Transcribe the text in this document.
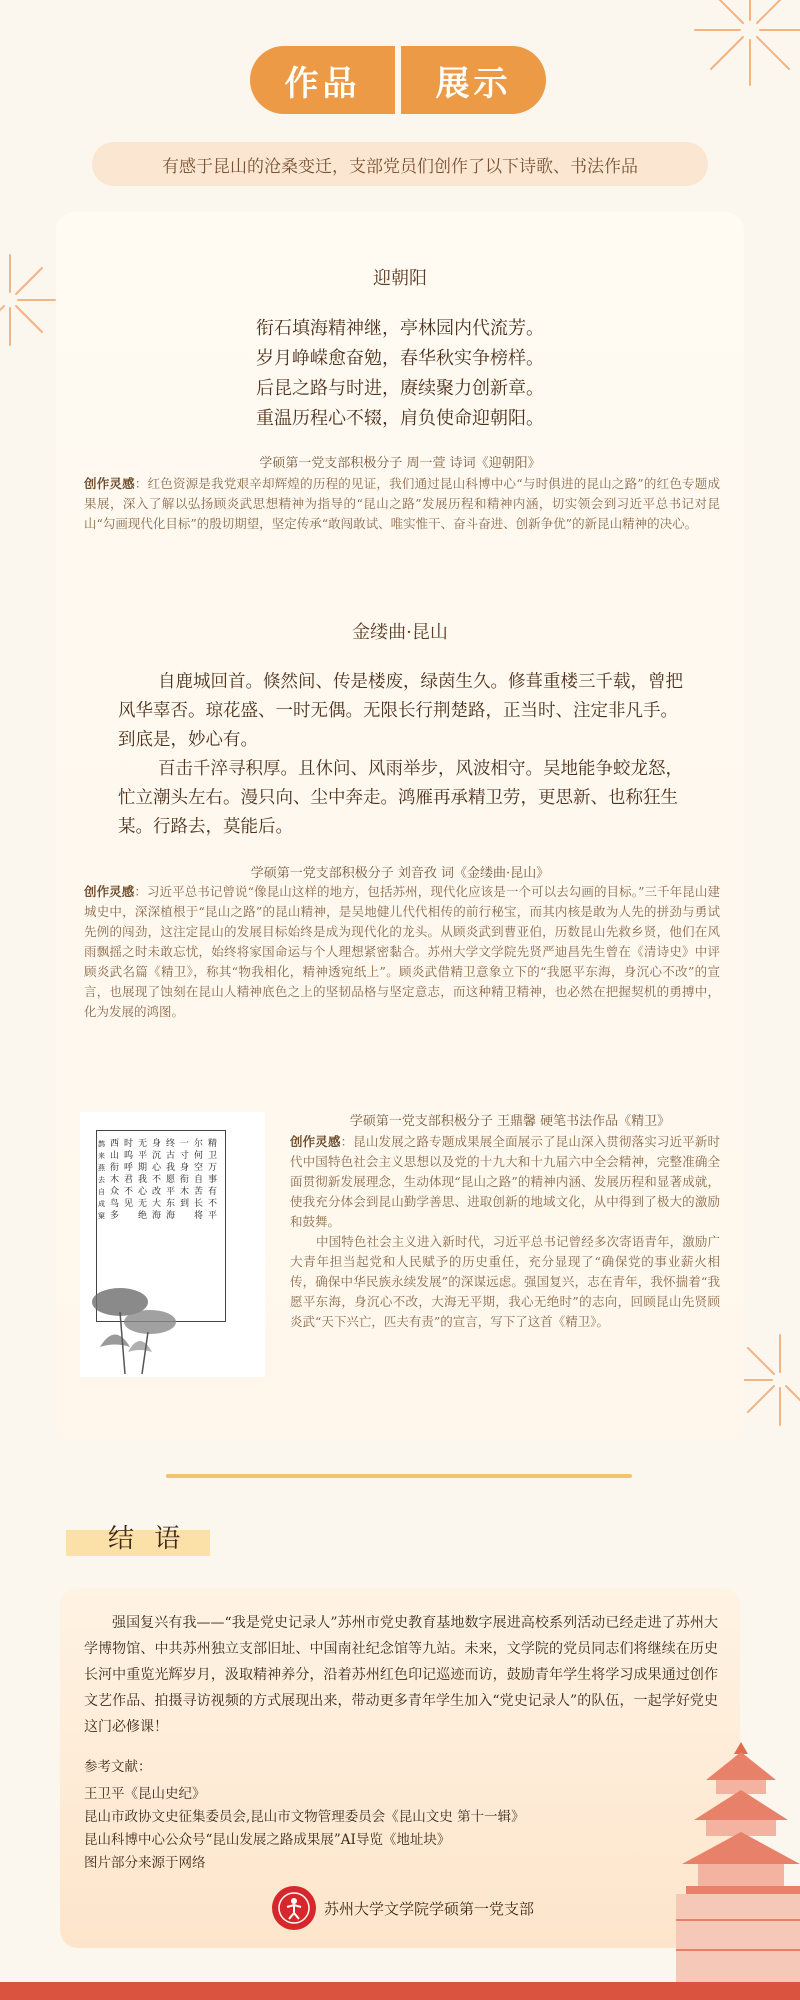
作品	展示
有感于昆山的沧桑变迁，支部党员们创作了以下诗歌、书法作品
迎朝阳
衔石填海精神继，亭林园内代流芳。
岁月峥嵘愈奋勉，春华秋实争榜样。
后昆之路与时进，赓续聚力创新章。
重温历程心不辍，肩负使命迎朝阳。
学硕第一党支部积极分子 周一萱 诗词《迎朝阳》
创作灵感：红色资源是我党艰辛却辉煌的历程的见证，我们通过昆山科博中心“与时俱进的昆山之路”的红色专题成果展，深入了解以弘扬顾炎武思想精神为指导的“昆山之路”发展历程和精神内涵，切实领会到习近平总书记对昆山“勾画现代化目标”的殷切期望，坚定传承“敢闯敢试、唯实惟干、奋斗奋进、创新争优”的新昆山精神的决心。
金缕曲·昆山

自鹿城回首。倏然间、传是楼废，绿茵生久。修葺重楼三千载，曾把风华辜否。琼花盛、一时无偶。无限长行荆楚路，正当时、注定非凡手。到底是，妙心有。

百击千淬寻积厚。且休问、风雨举步，风波相守。吴地能争蛟龙怒，忙立潮头左右。漫只向、尘中奔走。鸿雁再承精卫劳，更思新、也称狂生某。行路去，莫能后。

学硕第一党支部积极分子 刘音孜 词《金缕曲·昆山》
创作灵感：习近平总书记曾说“像昆山这样的地方，包括苏州，现代化应该是一个可以去勾画的目标。”三千年昆山建城史中，深深植根于“昆山之路”的昆山精神，是吴地健儿代代相传的前行秘宝，而其内核是敢为人先的拼劲与勇试先例的闯劲，这注定昆山的发展目标始终是成为现代化的龙头。从顾炎武到曹亚伯，历数昆山先救乡贤，他们在风雨飘摇之时未敢忘忧，始终将家国命运与个人理想紧密黏合。苏州大学文学院先贤严迪昌先生曾在《清诗史》中评顾炎武名篇《精卫》，称其“物我相化，精神透宛纸上”。顾炎武借精卫意象立下的“我愿平东海，身沉心不改”的宣言，也展现了蚀刻在昆山人精神底色之上的坚韧品格与坚定意志，而这种精卫精神，也必然在把握契机的勇搏中，化为发展的鸿图。
精卫 万事有不平
尔何空自苦 长将
一寸身 衔木到
终古 我愿平东海
身沉心不改 大海
无平期 我心无绝
时 呜呼 君不见
西山衔木众鸟多
鹊来燕去自成窠
学硕第一党支部积极分子 王鼎馨 硬笔书法作品《精卫》

创作灵感：昆山发展之路专题成果展全面展示了昆山深入贯彻落实习近平新时代中国特色社会主义思想以及党的十九大和十九届六中全会精神，完整准确全面贯彻新发展理念，生动体现“昆山之路”的精神内涵、发展历程和显著成就，使我充分体会到昆山勤学善思、进取创新的地域文化，从中得到了极大的激励和鼓舞。

中国特色社会主义进入新时代，习近平总书记曾经多次寄语青年，激励广大青年担当起党和人民赋予的历史重任，充分显现了“确保党的事业薪火相传，确保中华民族永续发展”的深谋远虑。强国复兴，志在青年，我怀揣着“我愿平东海，身沉心不改，大海无平期，我心无绝时”的志向，回顾昆山先贤顾炎武“天下兴亡，匹夫有责”的宣言，写下了这首《精卫》。

结 语
强国复兴有我——“我是党史记录人”苏州市党史教育基地数字展进高校系列活动已经走进了苏州大学博物馆、中共苏州独立支部旧址、中国南社纪念馆等九站。未来，文学院的党员同志们将继续在历史长河中重览光辉岁月，汲取精神养分，沿着苏州红色印记巡迹而访，鼓励青年学生将学习成果通过创作文艺作品、拍摄寻访视频的方式展现出来，带动更多青年学生加入“党史记录人”的队伍，一起学好党史这门必修课！
参考文献：
王卫平《昆山史纪》
昆山市政协文史征集委员会,昆山市文物管理委员会《昆山文史 第十一辑》
昆山科博中心公众号“昆山发展之路成果展”AI导览《地址块》
图片部分来源于网络
苏州大学文学院学硕第一党支部
